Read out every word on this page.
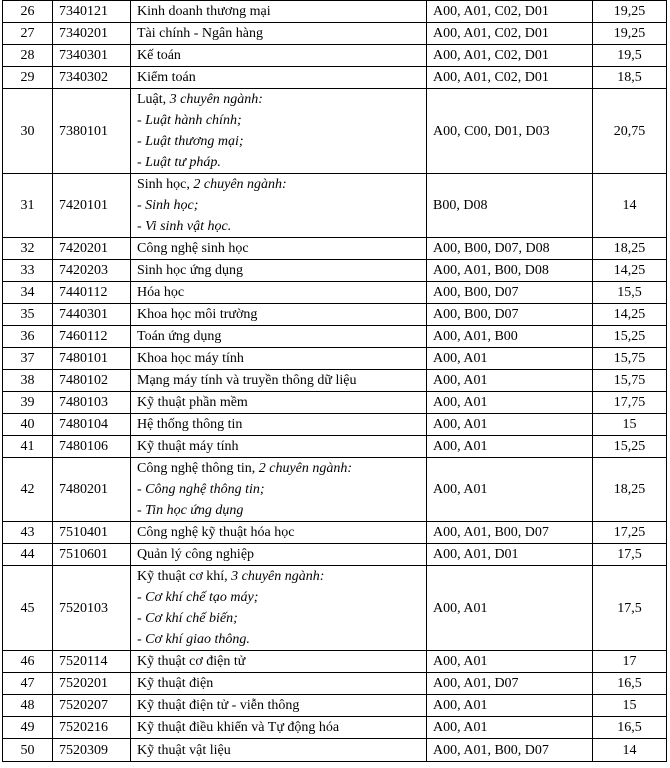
26	7340121	Kinh doanh thương mại	A00, A01, C02, D01	19,25
27	7340201	Tài chính - Ngân hàng	A00, A01, C02, D01	19,25
28	7340301	Kế toán	A00, A01, C02, D01	19,5
29	7340302	Kiểm toán	A00, A01, C02, D01	18,5
30	7380101	Luật, 3 chuyên ngành:
- Luật hành chính;
- Luật thương mại;
- Luật tư pháp.	A00, C00, D01, D03	20,75
31	7420101	Sinh học, 2 chuyên ngành:
- Sinh học;
- Vi sinh vật học.	B00, D08	14
32	7420201	Công nghệ sinh học	A00, B00, D07, D08	18,25
33	7420203	Sinh học ứng dụng	A00, A01, B00, D08	14,25
34	7440112	Hóa học	A00, B00, D07	15,5
35	7440301	Khoa học môi trường	A00, B00, D07	14,25
36	7460112	Toán ứng dụng	A00, A01, B00	15,25
37	7480101	Khoa học máy tính	A00, A01	15,75
38	7480102	Mạng máy tính và truyền thông dữ liệu	A00, A01	15,75
39	7480103	Kỹ thuật phần mềm	A00, A01	17,75
40	7480104	Hệ thống thông tin	A00, A01	15
41	7480106	Kỹ thuật máy tính	A00, A01	15,25
42	7480201	Công nghệ thông tin, 2 chuyên ngành:
- Công nghệ thông tin;
- Tin học ứng dụng	A00, A01	18,25
43	7510401	Công nghệ kỹ thuật hóa học	A00, A01, B00, D07	17,25
44	7510601	Quản lý công nghiệp	A00, A01, D01	17,5
45	7520103	Kỹ thuật cơ khí, 3 chuyên ngành:
- Cơ khí chế tạo máy;
- Cơ khí chế biến;
- Cơ khí giao thông.	A00, A01	17,5
46	7520114	Kỹ thuật cơ điện tử	A00, A01	17
47	7520201	Kỹ thuật điện	A00, A01, D07	16,5
48	7520207	Kỹ thuật điện tử - viễn thông	A00, A01	15
49	7520216	Kỹ thuật điều khiển và Tự động hóa	A00, A01	16,5
50	7520309	Kỹ thuật vật liệu	A00, A01, B00, D07	14
